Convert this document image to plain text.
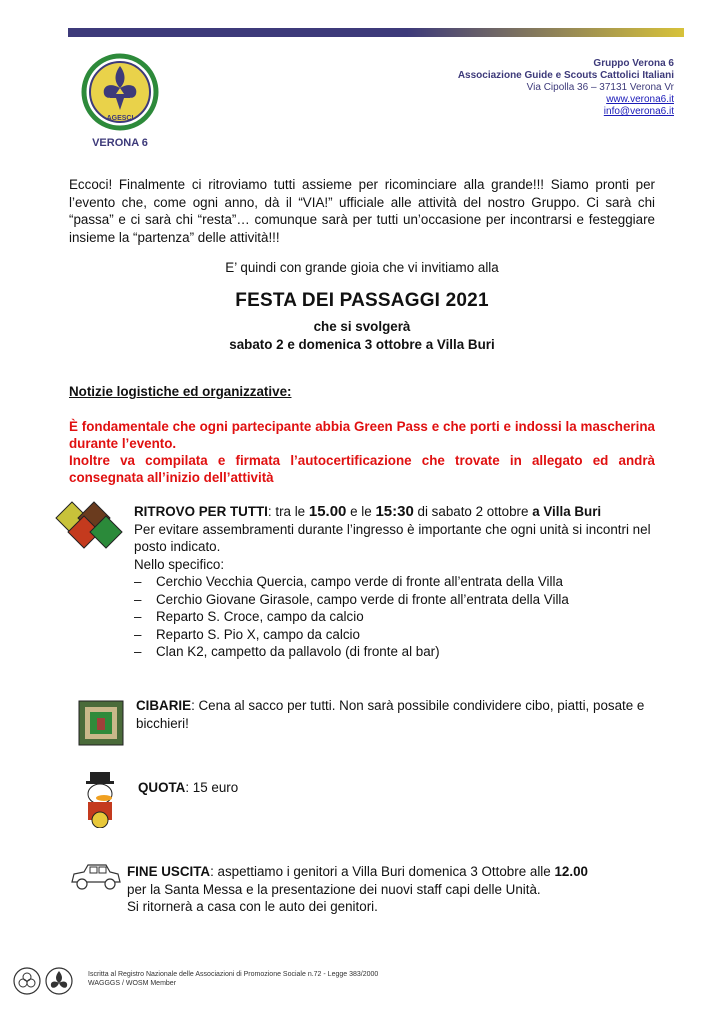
AGESCI
VERONA 6
Gruppo Verona 6
Associazione Guide e Scouts Cattolici Italiani
Via Cipolla 36 – 37131 Verona Vr
www.verona6.it
info@verona6.it
Eccoci! Finalmente ci ritroviamo tutti assieme per ricominciare alla grande!!! Siamo pronti per l’evento che, come ogni anno, dà il “VIA!” ufficiale alle attività del nostro Gruppo. Ci sarà chi “passa” e ci sarà chi “resta”… comunque sarà per tutti un’occasione per incontrarsi e festeggiare insieme la “partenza” delle attività!!!
E’ quindi con grande gioia che vi invitiamo alla
FESTA DEI PASSAGGI 2021
che si svolgerà
sabato 2 e domenica 3 ottobre a Villa Buri
Notizie logistiche ed organizzative:
È fondamentale che ogni partecipante abbia Green Pass e che porti e indossi la mascherina durante l’evento.
Inoltre va compilata e firmata l’autocertificazione che trovate in allegato ed andrà consegnata all’inizio dell’attività
RITROVO PER TUTTI: tra le 15.00 e le 15:30 di sabato 2 ottobre a Villa Buri
Per evitare assembramenti durante l’ingresso è importante che ogni unità si incontri nel posto indicato.
Nello specifico:
– Cerchio Vecchia Quercia, campo verde di fronte all’entrata della Villa
– Cerchio Giovane Girasole, campo verde di fronte all’entrata della Villa
– Reparto S. Croce, campo da calcio
– Reparto S. Pio X, campo da calcio
– Clan K2, campetto da pallavolo (di fronte al bar)
CIBARIE: Cena al sacco per tutti. Non sarà possibile condividere cibo, piatti, posate e bicchieri!
QUOTA: 15 euro
FINE USCITA: aspettiamo i genitori a Villa Buri domenica 3 Ottobre alle 12.00
per la Santa Messa e la presentazione dei nuovi staff capi delle Unità.
Si ritornerà a casa con le auto dei genitori.
Iscritta al Registro Nazionale delle Associazioni di Promozione Sociale n.72 - Legge 383/2000
WAGGGS / WOSM Member
